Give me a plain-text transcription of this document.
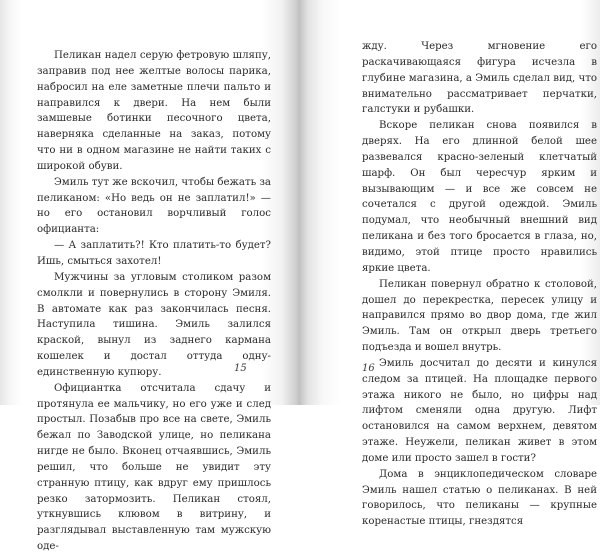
Пеликан надел серую фетровую шляпу, заправив под нее желтые волосы парика, набросил на еле заметные плечи пальто и направился к двери. На нем были замшевые ботинки песочного цвета, наверняка сделанные на заказ, потому что ни в одном магазине не найти таких с широкой обуви.

Эмиль тут же вскочил, чтобы бежать за пеликаном: «Но ведь он не заплатил!» — но его остановил ворчливый голос официанта:

— А заплатить?! Кто платить-то будет? Ишь, смыться захотел!

Мужчины за угловым столиком разом смолкли и повернулись в сторону Эмиля. В автомате как раз закончилась песня. Наступила тишина. Эмиль залился краской, вынул из заднего кармана кошелек и достал оттуда одну-единственную купюру.

Официантка отсчитала сдачу и протянула ее мальчику, но его уже и след простыл. Позабыв про все на свете, Эмиль бежал по Заводской улице, но пеликана нигде не было. Вконец отчаявшись, Эмиль решил, что больше не увидит эту странную птицу, как вдруг ему пришлось резко затормозить. Пеликан стоял, уткнувшись клювом в витрину, и разглядывал выставленную там мужскую оде-

15

жду. Через мгновение его раскачивающаяся фигура исчезла в глубине магазина, а Эмиль сделал вид, что внимательно рассматривает перчатки, галстуки и рубашки.

Вскоре пеликан снова появился в дверях. На его длинной белой шее развевался красно-зеленый клетчатый шарф. Он был чересчур ярким и вызывающим — и все же совсем не сочетался с другой одеждой. Эмиль подумал, что необычный внешний вид пеликана и без того бросается в глаза, но, видимо, этой птице просто нравились яркие цвета.

Пеликан повернул обратно к столовой, дошел до перекрестка, пересек улицу и направился прямо во двор дома, где жил Эмиль. Там он открыл дверь третьего подъезда и вошел внутрь.

Эмиль досчитал до десяти и кинулся следом за птицей. На площадке первого этажа никого не было, но цифры над лифтом сменяли одна другую. Лифт остановился на самом верхнем, девятом этаже. Неужели, пеликан живет в этом доме или просто зашел в гости?

Дома в энциклопедическом словаре Эмиль нашел статью о пеликанах. В ней говорилось, что пеликаны — крупные коренастые птицы, гнездятся

16
